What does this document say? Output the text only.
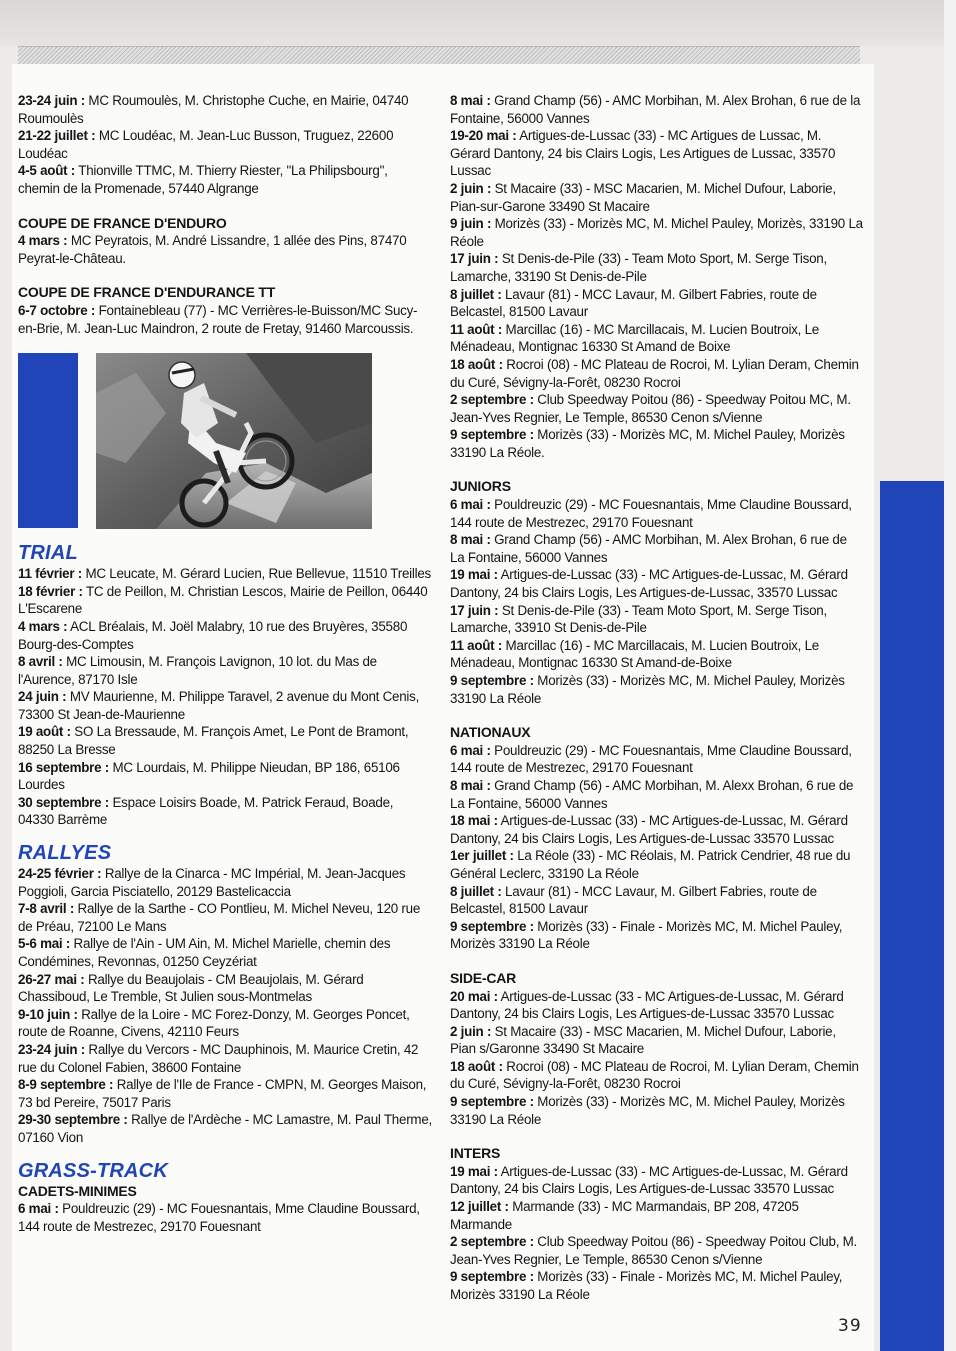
23-24 juin : MC Roumoulès, M. Christophe Cuche, en Mairie, 04740 Roumoulès

21-22 juillet : MC Loudéac, M. Jean-Luc Busson, Truguez, 22600 Loudéac

4-5 août : Thionville TTMC, M. Thierry Riester, "La Philipsbourg", chemin de la Promenade, 57440 Algrange

COUPE DE FRANCE D'ENDURO

4 mars : MC Peyratois, M. André Lissandre, 1 allée des Pins, 87470 Peyrat-le-Château.

COUPE DE FRANCE D'ENDURANCE TT

6-7 octobre : Fontainebleau (77) - MC Verrières-le-Buisson/MC Sucy-en-Brie, M. Jean-Luc Maindron, 2 route de Fretay, 91460 Marcoussis.

TRIAL

11 février : MC Leucate, M. Gérard Lucien, Rue Bellevue, 11510 Treilles

18 février : TC de Peillon, M. Christian Lescos, Mairie de Peillon, 06440 L'Escarene

4 mars : ACL Bréalais, M. Joël Malabry, 10 rue des Bruyères, 35580 Bourg-des-Comptes

8 avril : MC Limousin, M. François Lavignon, 10 lot. du Mas de l'Aurence, 87170 Isle

24 juin : MV Maurienne, M. Philippe Taravel, 2 avenue du Mont Cenis, 73300 St Jean-de-Maurienne

19 août : SO La Bressaude, M. François Amet, Le Pont de Bramont, 88250 La Bresse

16 septembre : MC Lourdais, M. Philippe Nieudan, BP 186, 65106 Lourdes

30 septembre : Espace Loisirs Boade, M. Patrick Feraud, Boade, 04330 Barrème

RALLYES

24-25 février : Rallye de la Cinarca - MC Impérial, M. Jean-Jacques Poggioli, Garcia Pisciatello, 20129 Bastelicaccia

7-8 avril : Rallye de la Sarthe - CO Pontlieu, M. Michel Neveu, 120 rue de Préau, 72100 Le Mans

5-6 mai : Rallye de l'Ain - UM Ain, M. Michel Marielle, chemin des Condémines, Revonnas, 01250 Ceyzériat

26-27 mai : Rallye du Beaujolais - CM Beaujolais, M. Gérard Chassiboud, Le Tremble, St Julien sous-Montmelas

9-10 juin : Rallye de la Loire - MC Forez-Donzy, M. Georges Poncet, route de Roanne, Civens, 42110 Feurs

23-24 juin : Rallye du Vercors - MC Dauphinois, M. Maurice Cretin, 42 rue du Colonel Fabien, 38600 Fontaine

8-9 septembre : Rallye de l'Ile de France - CMPN, M. Georges Maison, 73 bd Pereire, 75017 Paris

29-30 septembre : Rallye de l'Ardèche - MC Lamastre, M. Paul Therme, 07160 Vion

GRASS-TRACK

CADETS-MINIMES

6 mai : Pouldreuzic (29) - MC Fouesnantais, Mme Claudine Boussard, 144 route de Mestrezec, 29170 Fouesnant

8 mai : Grand Champ (56) - AMC Morbihan, M. Alex Brohan, 6 rue de la Fontaine, 56000 Vannes

19-20 mai : Artigues-de-Lussac (33) - MC Artigues de Lussac, M. Gérard Dantony, 24 bis Clairs Logis, Les Artigues de Lussac, 33570 Lussac

2 juin : St Macaire (33) - MSC Macarien, M. Michel Dufour, Laborie, Pian-sur-Garone 33490 St Macaire

9 juin : Morizès (33) - Morizès MC, M. Michel Pauley, Morizès, 33190 La Réole

17 juin : St Denis-de-Pile (33) - Team Moto Sport, M. Serge Tison, Lamarche, 33190 St Denis-de-Pile

8 juillet : Lavaur (81) - MCC Lavaur, M. Gilbert Fabries, route de Belcastel, 81500 Lavaur

11 août : Marcillac (16) - MC Marcillacais, M. Lucien Boutroix, Le Ménadeau, Montignac 16330 St Amand de Boixe

18 août : Rocroi (08) - MC Plateau de Rocroi, M. Lylian Deram, Chemin du Curé, Sévigny-la-Forêt, 08230 Rocroi

2 septembre : Club Speedway Poitou (86) - Speedway Poitou MC, M. Jean-Yves Regnier, Le Temple, 86530 Cenon s/Vienne

9 septembre : Morizès (33) - Morizès MC, M. Michel Pauley, Morizès 33190 La Réole.

JUNIORS

6 mai : Pouldreuzic (29) - MC Fouesnantais, Mme Claudine Boussard, 144 route de Mestrezec, 29170 Fouesnant

8 mai : Grand Champ (56) - AMC Morbihan, M. Alex Brohan, 6 rue de La Fontaine, 56000 Vannes

19 mai : Artigues-de-Lussac (33) - MC Artigues-de-Lussac, M. Gérard Dantony, 24 bis Clairs Logis, Les Artigues-de-Lussac, 33570 Lussac

17 juin : St Denis-de-Pile (33) - Team Moto Sport, M. Serge Tison, Lamarche, 33910 St Denis-de-Pile

11 août : Marcillac (16) - MC Marcillacais, M. Lucien Boutroix, Le Ménadeau, Montignac 16330 St Amand-de-Boixe

9 septembre : Morizès (33) - Morizès MC, M. Michel Pauley, Morizès 33190 La Réole

NATIONAUX

6 mai : Pouldreuzic (29) - MC Fouesnantais, Mme Claudine Boussard, 144 route de Mestrezec, 29170 Fouesnant

8 mai : Grand Champ (56) - AMC Morbihan, M. Alexx Brohan, 6 rue de La Fontaine, 56000 Vannes

18 mai : Artigues-de-Lussac (33) - MC Artigues-de-Lussac, M. Gérard Dantony, 24 bis Clairs Logis, Les Artigues-de-Lussac 33570 Lussac

1er juillet : La Réole (33) - MC Réolais, M. Patrick Cendrier, 48 rue du Général Leclerc, 33190 La Réole

8 juillet : Lavaur (81) - MCC Lavaur, M. Gilbert Fabries, route de Belcastel, 81500 Lavaur

9 septembre : Morizès (33) - Finale - Morizès MC, M. Michel Pauley, Morizès 33190 La Réole

SIDE-CAR

20 mai : Artigues-de-Lussac (33 - MC Artigues-de-Lussac, M. Gérard Dantony, 24 bis Clairs Logis, Les Artigues-de-Lussac 33570 Lussac

2 juin : St Macaire (33) - MSC Macarien, M. Michel Dufour, Laborie, Pian s/Garonne 33490 St Macaire

18 août : Rocroi (08) - MC Plateau de Rocroi, M. Lylian Deram, Chemin du Curé, Sévigny-la-Forêt, 08230 Rocroi

9 septembre : Morizès (33) - Morizès MC, M. Michel Pauley, Morizès 33190 La Réole

INTERS

19 mai : Artigues-de-Lussac (33) - MC Artigues-de-Lussac, M. Gérard Dantony, 24 bis Clairs Logis, Les Artigues-de-Lussac 33570 Lussac

12 juillet : Marmande (33) - MC Marmandais, BP 208, 47205 Marmande

2 septembre : Club Speedway Poitou (86) - Speedway Poitou Club, M. Jean-Yves Regnier, Le Temple, 86530 Cenon s/Vienne

9 septembre : Morizès (33) - Finale - Morizès MC, M. Michel Pauley, Morizès 33190 La Réole

39
